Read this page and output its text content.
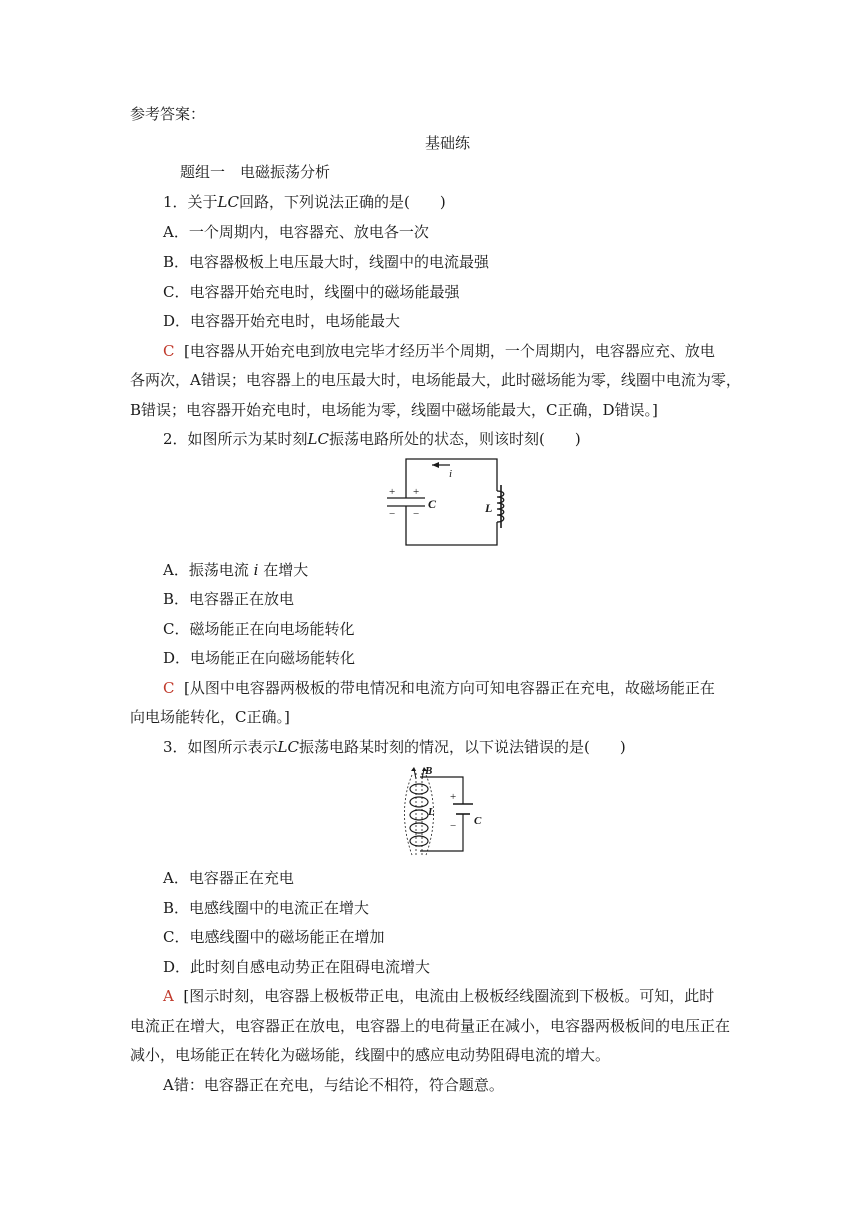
参考答案：
基础练
题组一　电磁振荡分析
1．关于LC回路，下列说法正确的是(　　)
A．一个周期内，电容器充、放电各一次
B．电容器极板上电压最大时，线圈中的电流最强
C．电容器开始充电时，线圈中的磁场能最强
D．电容器开始充电时，电场能最大
C [电容器从开始充电到放电完毕才经历半个周期，一个周期内，电容器应充、放电
各两次，A错误；电容器上的电压最大时，电场能最大，此时磁场能为零，线圈中电流为零，
B错误；电容器开始充电时，电场能为零，线圈中磁场能最大，C正确，D错误。]
2．如图所示为某时刻LC振荡电路所处的状态，则该时刻(　　)
i
+ +
− −
C	L
A．振荡电流 i 在增大
B．电容器正在放电
C．磁场能正在向电场能转化
D．电场能正在向磁场能转化
C [从图中电容器两极板的带电情况和电流方向可知电容器正在充电，故磁场能正在
向电场能转化，C正确。]
3．如图所示表示LC振荡电路某时刻的情况，以下说法错误的是(　　)
B
L
+
− C
A．电容器正在充电
B．电感线圈中的电流正在增大
C．电感线圈中的磁场能正在增加
D．此时刻自感电动势正在阻碍电流增大
A [图示时刻，电容器上极板带正电，电流由上极板经线圈流到下极板。可知，此时
电流正在增大，电容器正在放电，电容器上的电荷量正在减小，电容器两极板间的电压正在
减小，电场能正在转化为磁场能，线圈中的感应电动势阻碍电流的增大。
A错：电容器正在充电，与结论不相符，符合题意。
